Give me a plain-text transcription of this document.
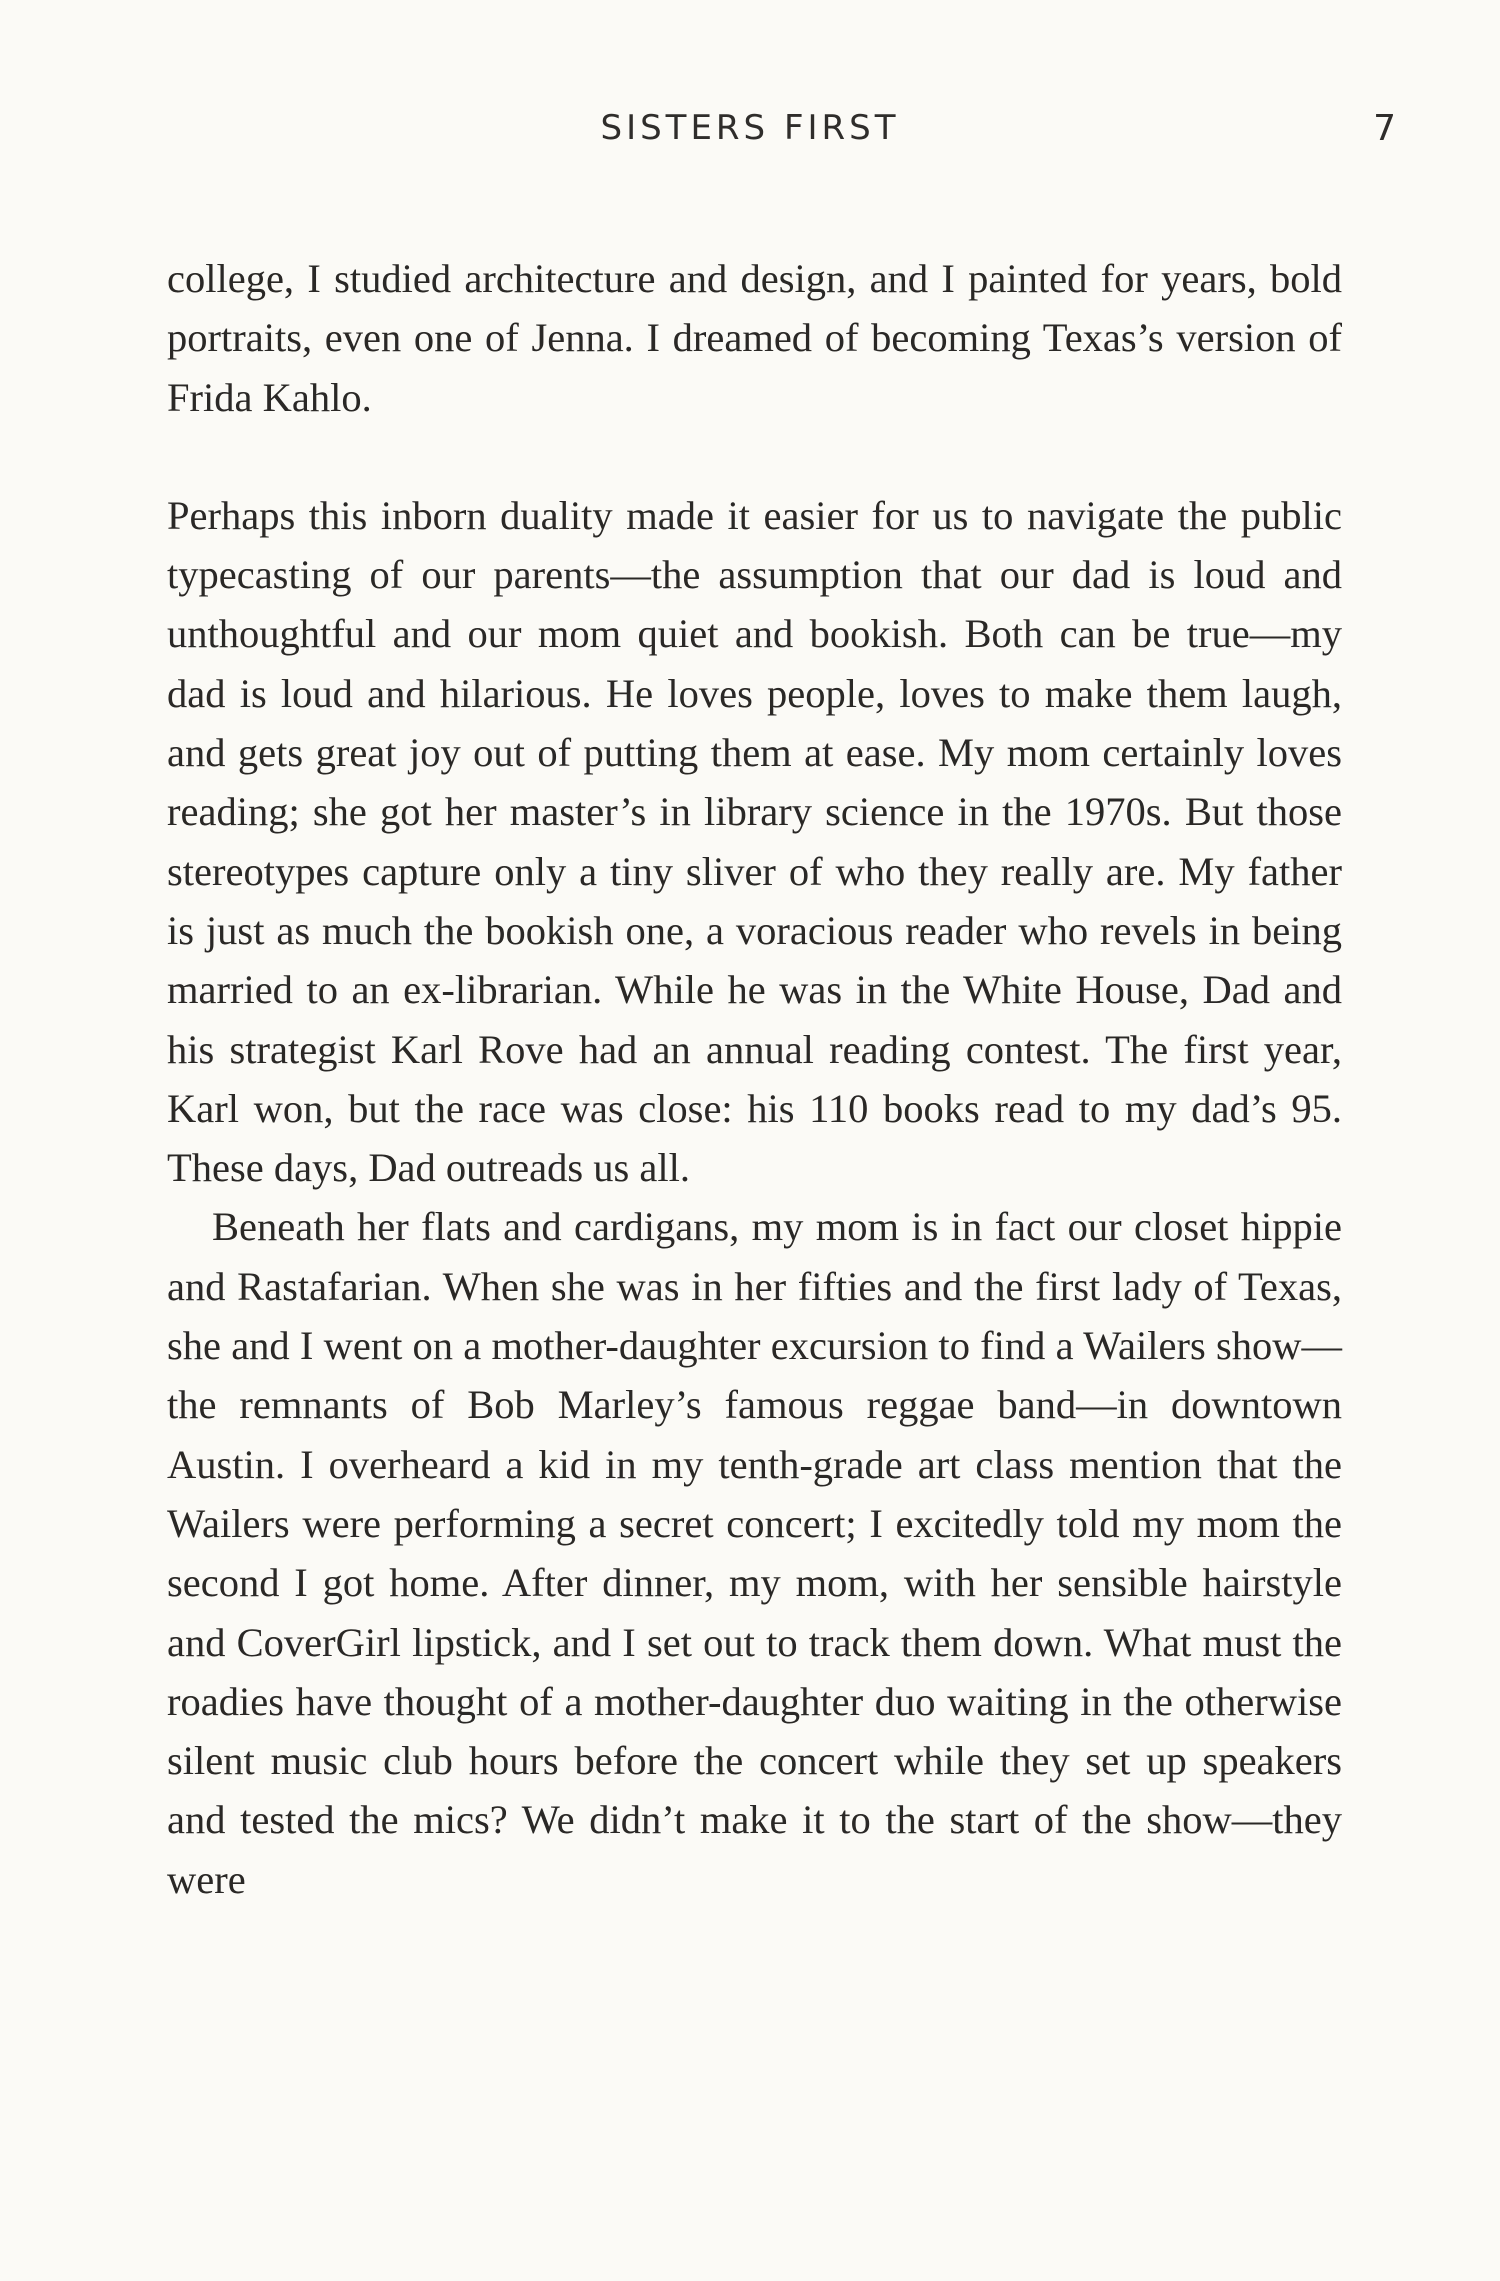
SISTERS FIRST	7

college, I studied architecture and design, and I painted for years, bold portraits, even one of Jenna. I dreamed of becoming Texas’s version of Frida Kahlo.

Perhaps this inborn duality made it easier for us to navigate the public typecasting of our parents—the assumption that our dad is loud and unthoughtful and our mom quiet and bookish. Both can be true—my dad is loud and hilarious. He loves people, loves to make them laugh, and gets great joy out of putting them at ease. My mom certainly loves reading; she got her master’s in library science in the 1970s. But those stereotypes capture only a tiny sliver of who they really are. My father is just as much the bookish one, a voracious reader who revels in being married to an ex-librarian. While he was in the White House, Dad and his strategist Karl Rove had an annual reading contest. The first year, Karl won, but the race was close: his 110 books read to my dad’s 95. These days, Dad outreads us all.

Beneath her flats and cardigans, my mom is in fact our closet hippie and Rastafarian. When she was in her fifties and the first lady of Texas, she and I went on a mother-daughter excursion to find a Wailers show—the remnants of Bob Marley’s famous reggae band—in downtown Austin. I overheard a kid in my tenth-grade art class mention that the Wailers were performing a secret concert; I excitedly told my mom the second I got home. After dinner, my mom, with her sensible hairstyle and CoverGirl lipstick, and I set out to track them down. What must the roadies have thought of a mother-daughter duo waiting in the otherwise silent music club hours before the concert while they set up speakers and tested the mics? We didn’t make it to the start of the show—they were
